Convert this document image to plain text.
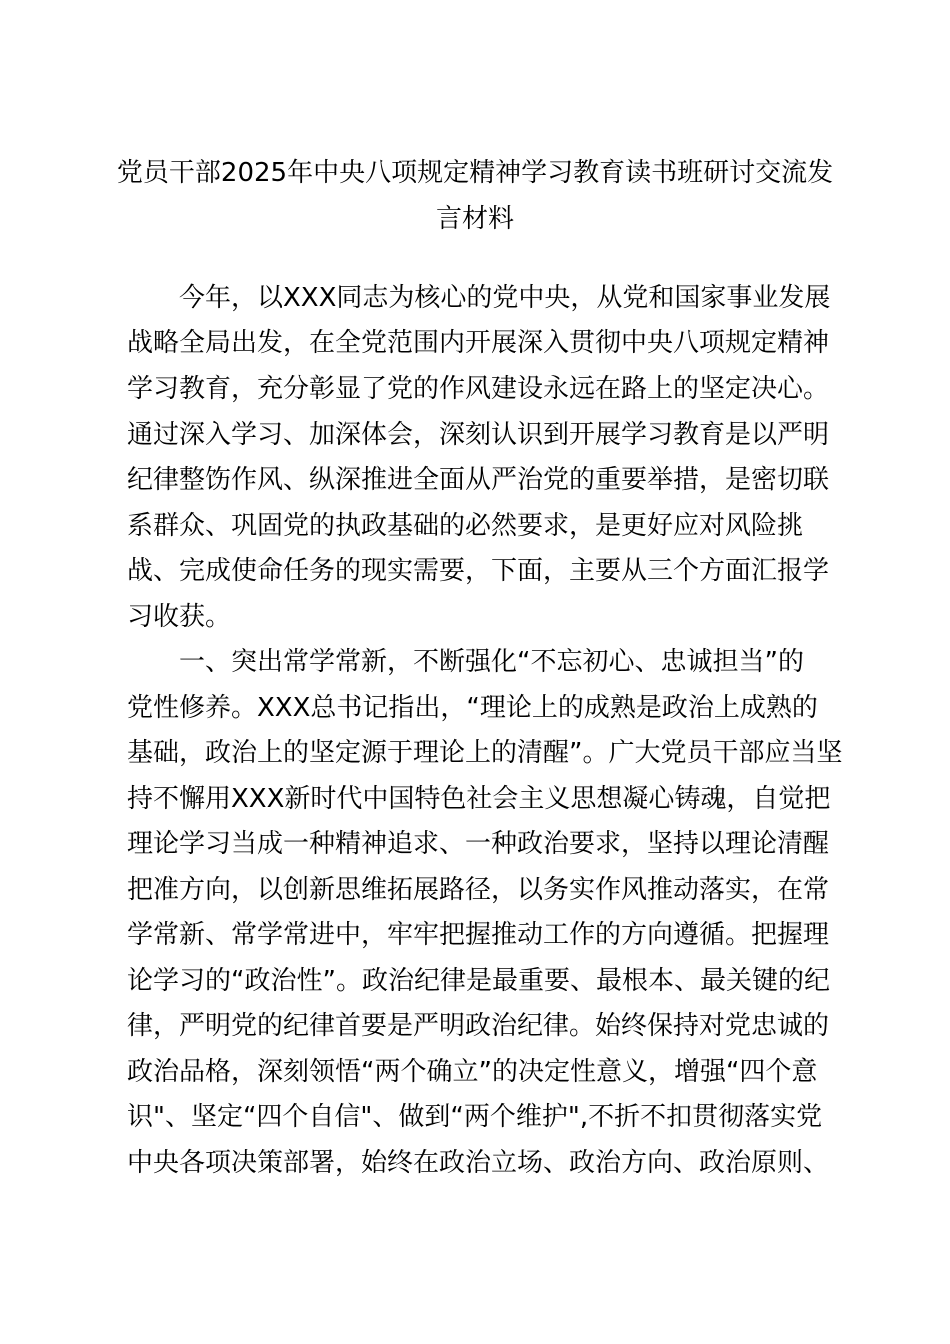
党员干部2025年中央八项规定精神学习教育读书班研讨交流发
言材料
今年，以XXX同志为核心的党中央，从党和国家事业发展
战略全局出发，在全党范围内开展深入贯彻中央八项规定精神
学习教育，充分彰显了党的作风建设永远在路上的坚定决心。
通过深入学习、加深体会，深刻认识到开展学习教育是以严明
纪律整饬作风、纵深推进全面从严治党的重要举措，是密切联
系群众、巩固党的执政基础的必然要求，是更好应对风险挑
战、完成使命任务的现实需要，下面，主要从三个方面汇报学
习收获。
一、突出常学常新，不断强化“不忘初心、忠诚担当”的
党性修养。XXX总书记指出，“理论上的成熟是政治上成熟的
基础，政治上的坚定源于理论上的清醒”。广大党员干部应当坚
持不懈用XXX新时代中国特色社会主义思想凝心铸魂，自觉把
理论学习当成一种精神追求、一种政治要求，坚持以理论清醒
把准方向，以创新思维拓展路径，以务实作风推动落实，在常
学常新、常学常进中，牢牢把握推动工作的方向遵循。把握理
论学习的“政治性”。政治纪律是最重要、最根本、最关键的纪
律，严明党的纪律首要是严明政治纪律。始终保持对党忠诚的
政治品格，深刻领悟“两个确立”的决定性意义，增强“四个意
识"、坚定“四个自信"、做到“两个维护",不折不扣贯彻落实党
中央各项决策部署，始终在政治立场、政治方向、政治原则、
